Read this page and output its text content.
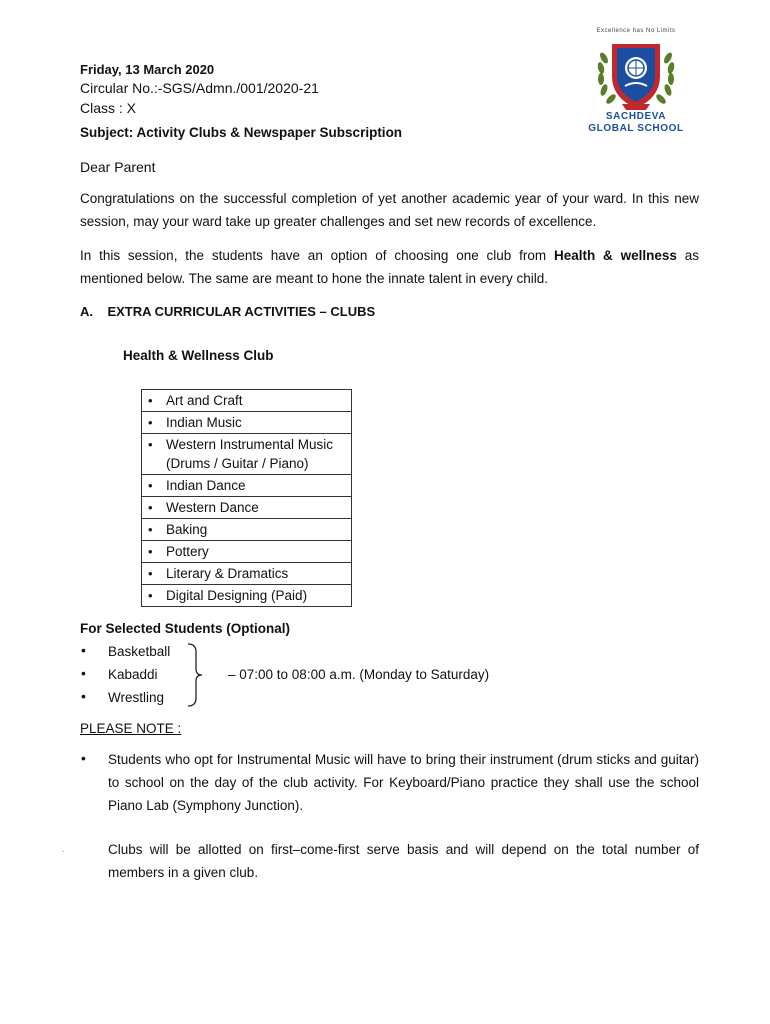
Friday, 13 March 2020
Circular No.:-SGS/Admn./001/2020-21
Class : X
Subject: Activity Clubs & Newspaper Subscription
Excellence has No Limits
SACHDEVA
GLOBAL SCHOOL
Dear Parent
Congratulations on the successful completion of yet another academic year of your ward. In this new session, may your ward take up greater challenges and set new records of excellence.
In this session, the students have an option of choosing one club from Health & wellness as mentioned below. The same are meant to hone the innate talent in every child.
A.    EXTRA CURRICULAR ACTIVITIES – CLUBS
Health & Wellness Club
• Art and Craft
• Indian Music
• Western Instrumental Music (Drums / Guitar / Piano)
• Indian Dance
• Western Dance
• Baking
• Pottery
• Literary & Dramatics
• Digital Designing (Paid)
For Selected Students (Optional)
• Basketball
• Kabaddi
• Wrestling
– 07:00 to 08:00 a.m. (Monday to Saturday)
PLEASE NOTE :
• Students who opt for Instrumental Music will have to bring their instrument (drum sticks and guitar) to school on the day of the club activity. For Keyboard/Piano practice they shall use the school Piano Lab (Symphony Junction).
.	Clubs will be allotted on first–come-first serve basis and will depend on the total number of members in a given club.
